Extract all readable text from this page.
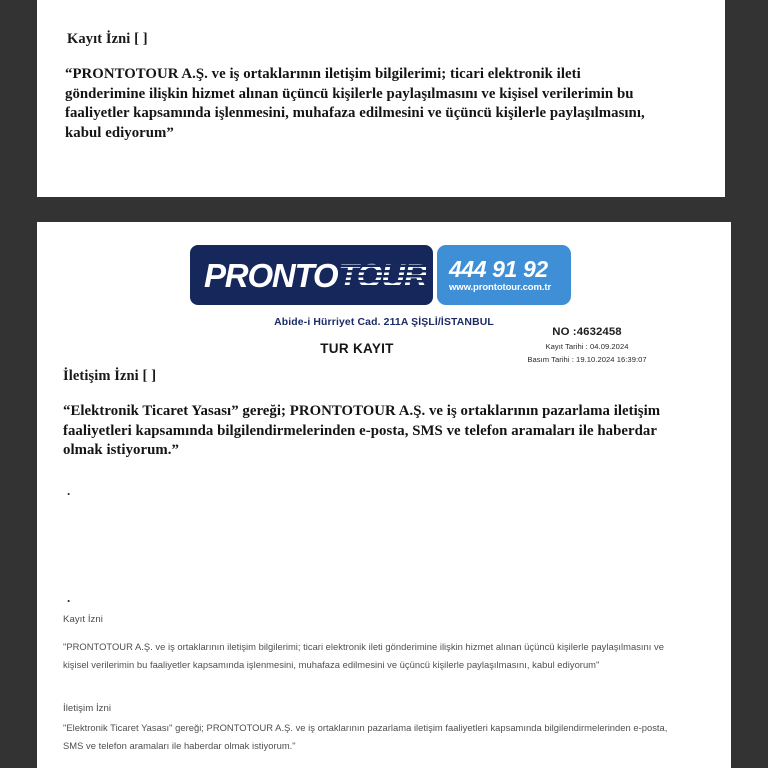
Kayıt İzni [ ]
“PRONTOTOUR A.Ş. ve iş ortaklarının iletişim bilgilerimi; ticari elektronik ileti gönderimine ilişkin hizmet alınan üçüncü kişilerle paylaşılmasını ve kişisel verilerimin bu faaliyetler kapsamında işlenmesini, muhafaza edilmesini ve üçüncü kişilerle paylaşılmasını, kabul ediyorum”
PRONTO TOUR 444 91 92
www.prontotour.com.tr
Abide-i Hürriyet Cad. 211A ŞİŞLİ/İSTANBUL
TUR KAYIT
NO :4632458
Kayıt Tarihi : 04.09.2024
Basım Tarihi : 19.10.2024 16:39:07
İletişim İzni [ ]
“Elektronik Ticaret Yasası” gereği; PRONTOTOUR A.Ş. ve iş ortaklarının pazarlama iletişim faaliyetleri kapsamında bilgilendirmelerinden e-posta, SMS ve telefon aramaları ile haberdar olmak istiyorum.”
.
.
Kayıt İzni
"PRONTOTOUR A.Ş. ve iş ortaklarının iletişim bilgilerimi; ticari elektronik ileti gönderimine ilişkin hizmet alınan üçüncü kişilerle paylaşılmasını ve kişisel verilerimin bu faaliyetler kapsamında işlenmesini, muhafaza edilmesini ve üçüncü kişilerle paylaşılmasını, kabul ediyorum"
İletişim İzni
"Elektronik Ticaret Yasası" gereği; PRONTOTOUR A.Ş. ve iş ortaklarının pazarlama iletişim faaliyetleri kapsamında bilgilendirmelerinden e-posta, SMS ve telefon aramaları ile haberdar olmak istiyorum."
